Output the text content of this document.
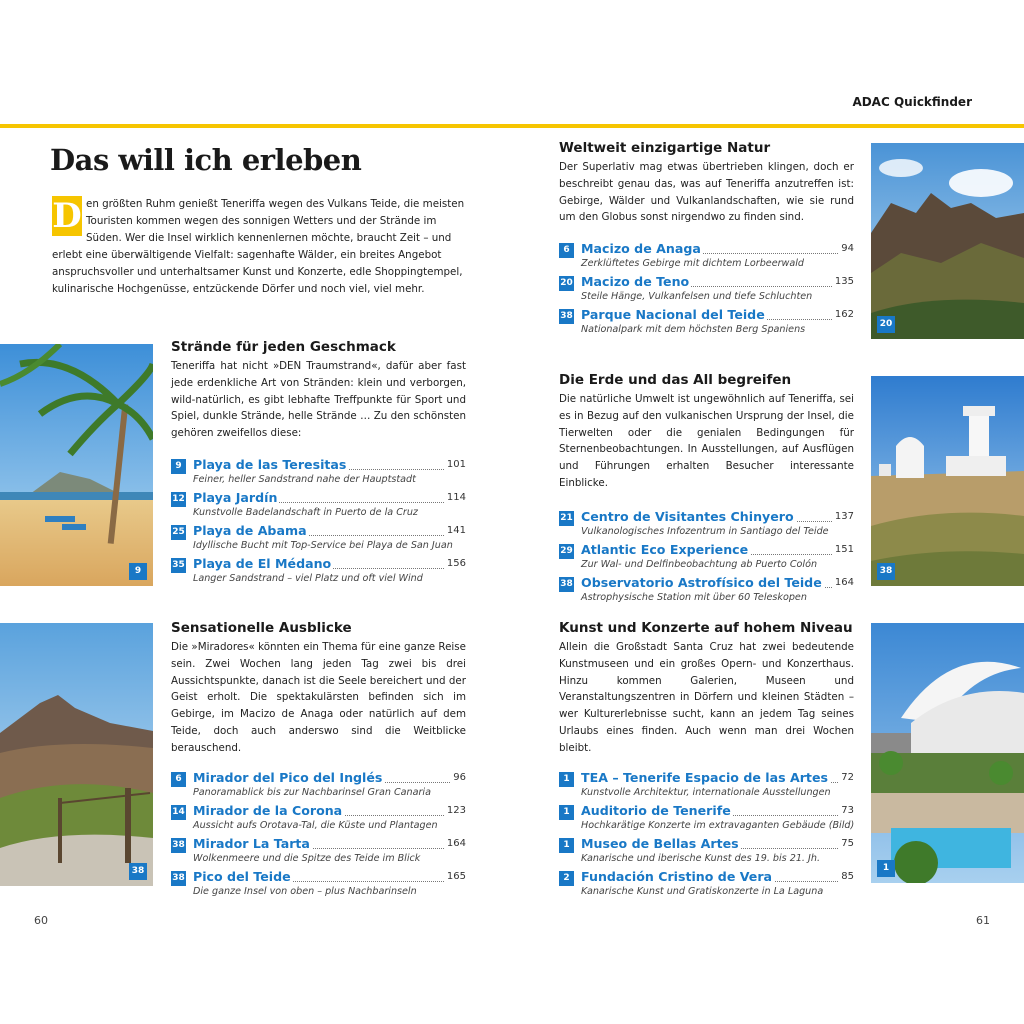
ADAC Quickfinder
Das will ich erleben
D en größten Ruhm genießt Teneriffa wegen des Vulkans Teide, die meisten Touristen kommen wegen des sonnigen Wetters und der Strände im Süden. Wer die Insel wirklich kennenlernen möchte, braucht Zeit – und erlebt eine überwältigende Vielfalt: sagenhafte Wälder, ein breites Angebot anspruchsvoller und unterhaltsamer Kunst und Konzerte, edle Shoppingtempel, kulinarische Hochgenüsse, entzückende Dörfer und noch viel, viel mehr.
9
Strände für jeden Geschmack
Teneriffa hat nicht »DEN Traumstrand«, dafür aber fast jede erdenkliche Art von Stränden: klein und verborgen, wild-natürlich, es gibt lebhafte Treffpunkte für Sport und Spiel, dunkle Strände, helle Strände … Zu den schönsten gehören zweifellos diese:
9 Playa de las Teresitas	101
Feiner, heller Sandstrand nahe der Hauptstadt
12 Playa Jardín	114
Kunstvolle Badelandschaft in Puerto de la Cruz
25 Playa de Abama	141
Idyllische Bucht mit Top-Service bei Playa de San Juan
35 Playa de El Médano	156
Langer Sandstrand – viel Platz und oft viel Wind
38
Sensationelle Ausblicke
Die »Miradores« könnten ein Thema für eine ganze Reise sein. Zwei Wochen lang jeden Tag zwei bis drei Aussichtspunkte, danach ist die Seele bereichert und der Geist erholt. Die spektakulärsten befinden sich im Gebirge, im Macizo de Anaga oder natürlich auf dem Teide, doch auch anderswo sind die Weitblicke berauschend.
6 Mirador del Pico del Inglés	96
Panoramablick bis zur Nachbarinsel Gran Canaria
14 Mirador de la Corona	123
Aussicht aufs Orotava-Tal, die Küste und Plantagen
38 Mirador La Tarta	164
Wolkenmeere und die Spitze des Teide im Blick
38 Pico del Teide	165
Die ganze Insel von oben – plus Nachbarinseln
Weltweit einzigartige Natur
Der Superlativ mag etwas übertrieben klingen, doch er beschreibt genau das, was auf Teneriffa anzutreffen ist: Gebirge, Wälder und Vulkanlandschaften, wie sie rund um den Globus sonst nirgendwo zu finden sind.
6 Macizo de Anaga	94
Zerklüftetes Gebirge mit dichtem Lorbeerwald
20 Macizo de Teno	135
Steile Hänge, Vulkanfelsen und tiefe Schluchten
38 Parque Nacional del Teide	162
Nationalpark mit dem höchsten Berg Spaniens
20
Die Erde und das All begreifen
Die natürliche Umwelt ist ungewöhnlich auf Teneriffa, sei es in Bezug auf den vulkanischen Ursprung der Insel, die Tierwelten oder die genialen Bedingungen für Sternenbeobachtungen. In Ausstellungen, auf Ausflügen und Führungen erhalten Besucher interessante Einblicke.
21 Centro de Visitantes Chinyero	137
Vulkanologisches Infozentrum in Santiago del Teide
29 Atlantic Eco Experience	151
Zur Wal- und Delfinbeobachtung ab Puerto Colón
38 Observatorio Astrofísico del Teide 164
Astrophysische Station mit über 60 Teleskopen
38
Kunst und Konzerte auf hohem Niveau
Allein die Großstadt Santa Cruz hat zwei bedeutende Kunstmuseen und ein großes Opern- und Konzerthaus. Hinzu kommen Galerien, Museen und Veranstaltungszentren in Dörfern und kleinen Städten – wer Kulturerlebnisse sucht, kann an jedem Tag seines Urlaubs eines finden. Auch wenn man drei Wochen bleibt.
1 TEA – Tenerife Espacio de las Artes 72
Kunstvolle Architektur, internationale Ausstellungen
1 Auditorio de Tenerife	73
Hochkarätige Konzerte im extravaganten Gebäude (Bild)
1 Museo de Bellas Artes	75
Kanarische und iberische Kunst des 19. bis 21. Jh.
2 Fundación Cristino de Vera	85
Kanarische Kunst und Gratiskonzerte in La Laguna
1
60	61
